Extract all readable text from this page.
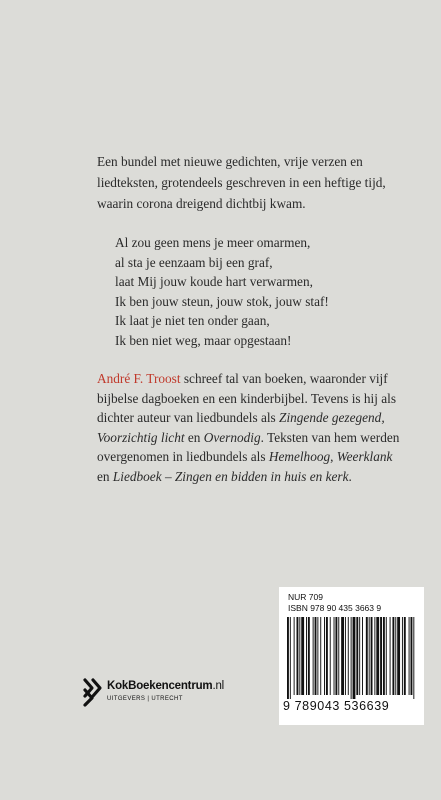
Een bundel met nieuwe gedichten, vrije verzen en
liedteksten, grotendeels geschreven in een heftige tijd,
waarin corona dreigend dichtbij kwam.
Al zou geen mens je meer omarmen,
al sta je eenzaam bij een graf,
laat Mij jouw koude hart verwarmen,
Ik ben jouw steun, jouw stok, jouw staf!
Ik laat je niet ten onder gaan,
Ik ben niet weg, maar opgestaan!
André F. Troost schreef tal van boeken, waaronder vijf
bijbelse dagboeken en een kinderbijbel. Tevens is hij als
dichter auteur van liedbundels als Zingende gezegend,
Voorzichtig licht en Overnodig. Teksten van hem werden
overgenomen in liedbundels als Hemelhoog, Weerklank
en Liedboek – Zingen en bidden in huis en kerk.
NUR 709
ISBN 978 90 435 3663 9
9 789043 536639
KokBoekencentrum.nl
UITGEVERS | UTRECHT
